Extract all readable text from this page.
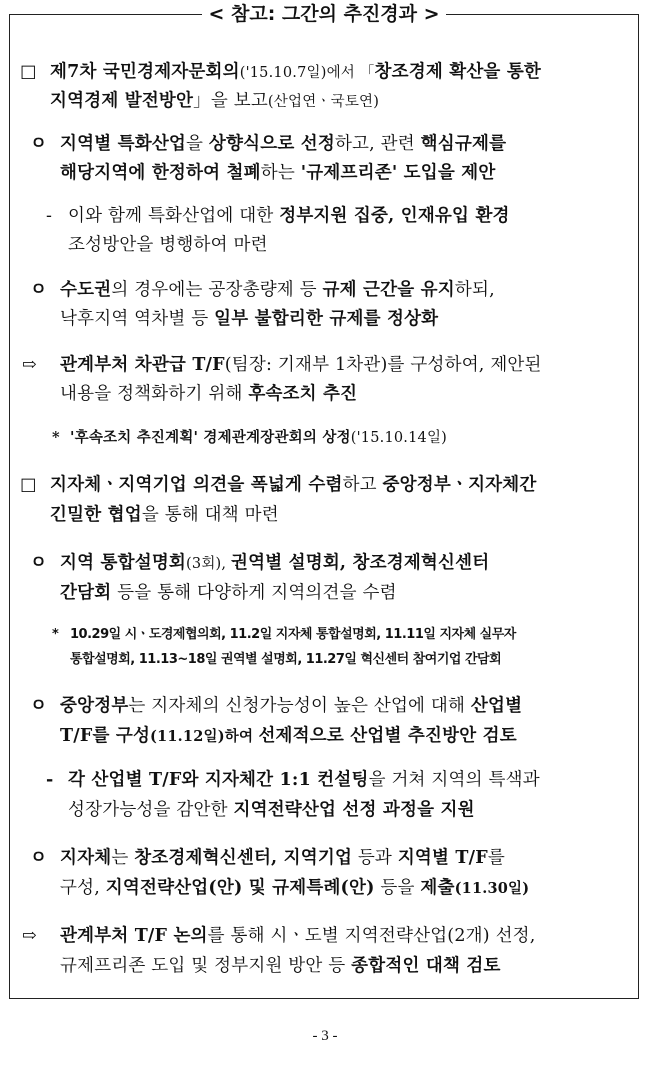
< 참고: 그간의 추진경과 >
□ 제7차 국민경제자문회의('15.10.7일)에서 「창조경제 확산을 통한
지역경제 발전방안」을 보고(산업연ㆍ국토연)
ㅇ 지역별 특화산업을 상향식으로 선정하고, 관련 핵심규제를
해당지역에 한정하여 철폐하는 '규제프리존' 도입을 제안
- 이와 함께 특화산업에 대한 정부지원 집중, 인재유입 환경
조성방안을 병행하여 마련
ㅇ 수도권의 경우에는 공장총량제 등 규제 근간을 유지하되,
낙후지역 역차별 등 일부 불합리한 규제를 정상화
⇨ 관계부처 차관급 T/F(팀장: 기재부 1차관)를 구성하여, 제안된
내용을 정책화하기 위해 후속조치 추진
* '후속조치 추진계획' 경제관계장관회의 상정('15.10.14일)
□ 지자체ㆍ지역기업 의견을 폭넓게 수렴하고 중앙정부ㆍ지자체간
긴밀한 협업을 통해 대책 마련
ㅇ 지역 통합설명회(3회), 권역별 설명회, 창조경제혁신센터
간담회 등을 통해 다양하게 지역의견을 수렴
* 10.29일 시ㆍ도경제협의회, 11.2일 지자체 통합설명회, 11.11일 지자체 실무자
통합설명회, 11.13~18일 권역별 설명회, 11.27일 혁신센터 참여기업 간담회
ㅇ 중앙정부는 지자체의 신청가능성이 높은 산업에 대해 산업별
T/F를 구성(11.12일)하여 선제적으로 산업별 추진방안 검토
- 각 산업별 T/F와 지자체간 1:1 컨설팅을 거쳐 지역의 특색과
성장가능성을 감안한 지역전략산업 선정 과정을 지원
ㅇ 지자체는 창조경제혁신센터, 지역기업 등과 지역별 T/F를
구성, 지역전략산업(안) 및 규제특례(안) 등을 제출(11.30일)
⇨ 관계부처 T/F 논의를 통해 시ㆍ도별 지역전략산업(2개) 선정,
규제프리존 도입 및 정부지원 방안 등 종합적인 대책 검토
- 3 -
